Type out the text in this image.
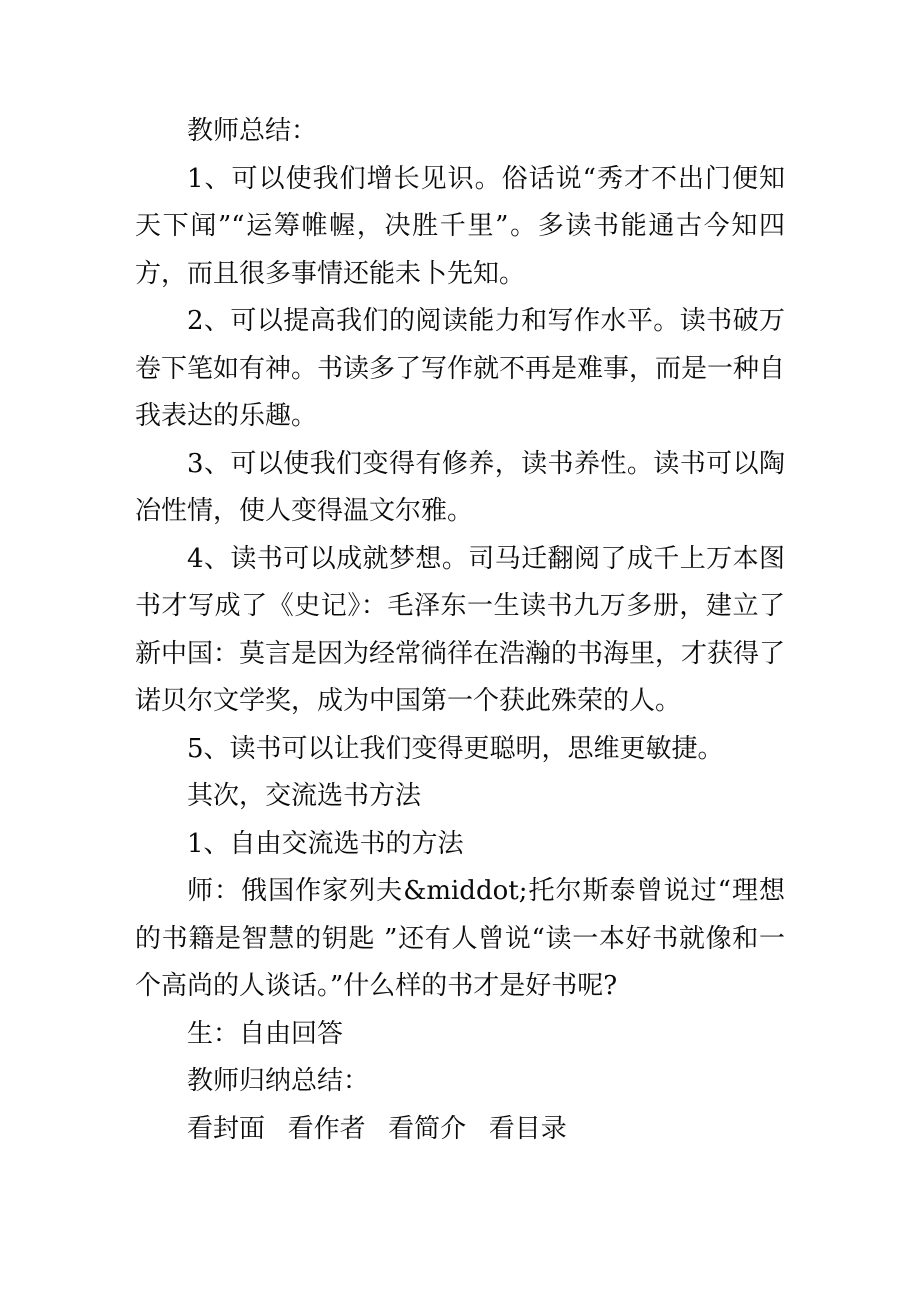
教师总结：

1、可以使我们增长见识。俗话说“秀才不出门便知天下闻”“运筹帷幄，决胜千里”。多读书能通古今知四方，而且很多事情还能未卜先知。

2、可以提高我们的阅读能力和写作水平。读书破万卷下笔如有神。书读多了写作就不再是难事，而是一种自我表达的乐趣。

3、可以使我们变得有修养，读书养性。读书可以陶冶性情，使人变得温文尔雅。

4、读书可以成就梦想。司马迁翻阅了成千上万本图书才写成了《史记》：毛泽东一生读书九万多册，建立了新中国：莫言是因为经常徜徉在浩瀚的书海里，才获得了诺贝尔文学奖，成为中国第一个获此殊荣的人。

5、读书可以让我们变得更聪明，思维更敏捷。

其次，交流选书方法

1、自由交流选书的方法

师：俄国作家列夫&middot;托尔斯泰曾说过“理想的书籍是智慧的钥匙 ”还有人曾说“读一本好书就像和一个高尚的人谈话。”什么样的书才是好书呢?

生：自由回答

教师归纳总结：

看封面 看作者 看简介 看目录
